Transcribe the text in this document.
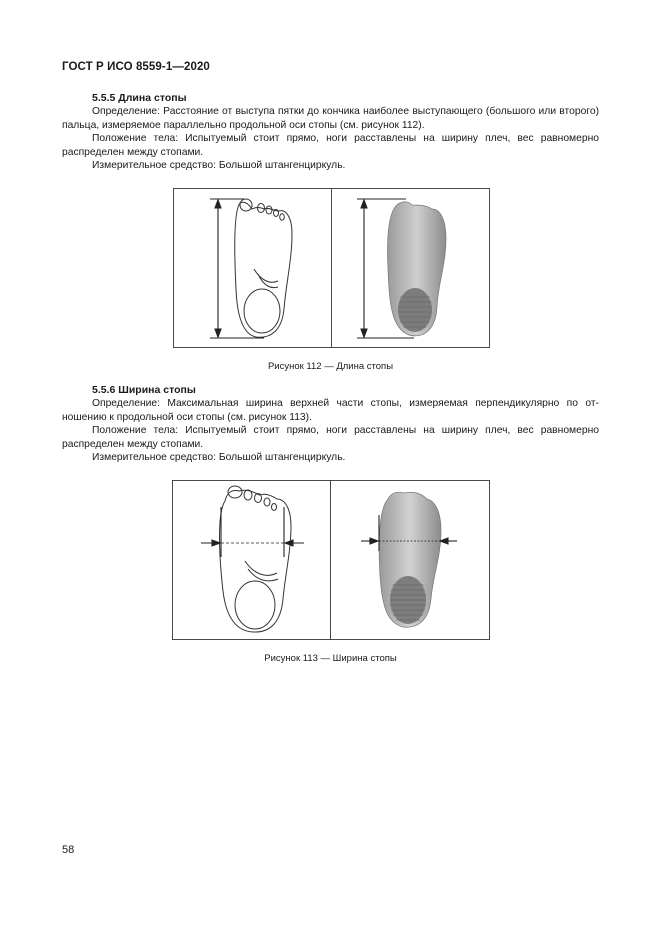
ГОСТ Р ИСО 8559-1—2020
5.5.5 Длина стопы

Определение: Расстояние от выступа пятки до кончика наиболее выступающего (большого или второго) пальца, измеряемое параллельно продольной оси стопы (см. рисунок 112).

Положение тела: Испытуемый стоит прямо, ноги расставлены на ширину плеч, вес равномерно распределен между стопами.

Измерительное средство: Большой штангенциркуль.

Рисунок 112 — Длина стопы
5.5.6 Ширина стопы

Определение: Максимальная ширина верхней части стопы, измеряемая перпендикулярно по от-ношению к продольной оси стопы (см. рисунок 113).

Положение тела: Испытуемый стоит прямо, ноги расставлены на ширину плеч, вес равномерно распределен между стопами.

Измерительное средство: Большой штангенциркуль.

Рисунок 113 — Ширина стопы
58
